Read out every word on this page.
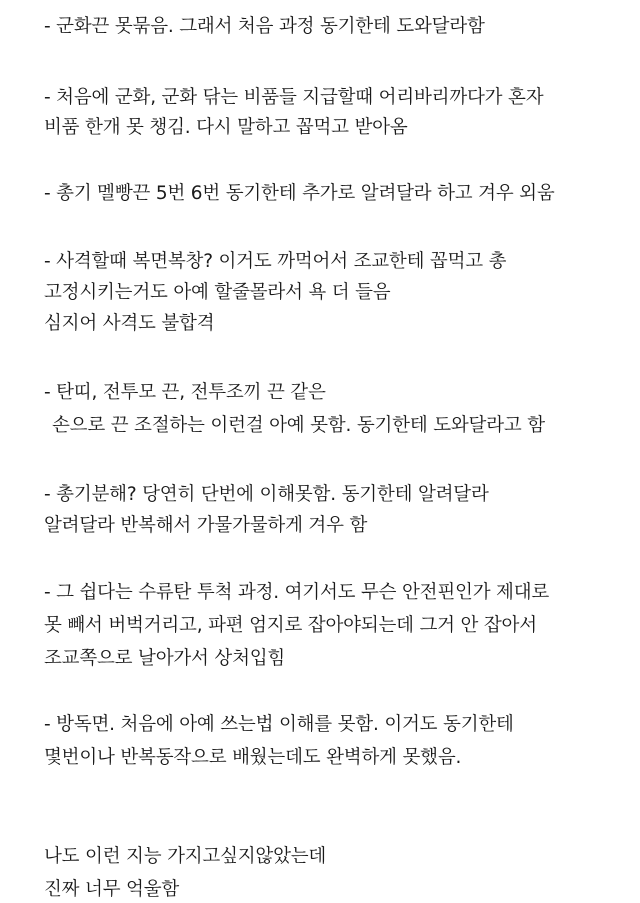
- 군화끈 못묶음. 그래서 처음 과정 동기한테 도와달라함
- 처음에 군화, 군화 닦는 비품들 지급할때 어리바리까다가 혼자
비품 한개 못 챙김. 다시 말하고 꼽먹고 받아옴
- 총기 멜빵끈 5번 6번 동기한테 추가로 알려달라 하고 겨우 외움
- 사격할때 복면복창? 이거도 까먹어서 조교한테 꼽먹고 총
고정시키는거도 아예 할줄몰라서 욕 더 들음
심지어 사격도 불합격
- 탄띠, 전투모 끈, 전투조끼 끈 같은
손으로 끈 조절하는 이런걸 아예 못함. 동기한테 도와달라고 함
- 총기분해? 당연히 단번에 이해못함. 동기한테 알려달라
알려달라 반복해서 가물가물하게 겨우 함
- 그 쉽다는 수류탄 투척 과정. 여기서도 무슨 안전핀인가 제대로
못 빼서 버벅거리고, 파편 엄지로 잡아야되는데 그거 안 잡아서
조교쪽으로 날아가서 상처입힘
- 방독면. 처음에 아예 쓰는법 이해를 못함. 이거도 동기한테
몇번이나 반복동작으로 배웠는데도 완벽하게 못했음.
나도 이런 지능 가지고싶지않았는데
진짜 너무 억울함
